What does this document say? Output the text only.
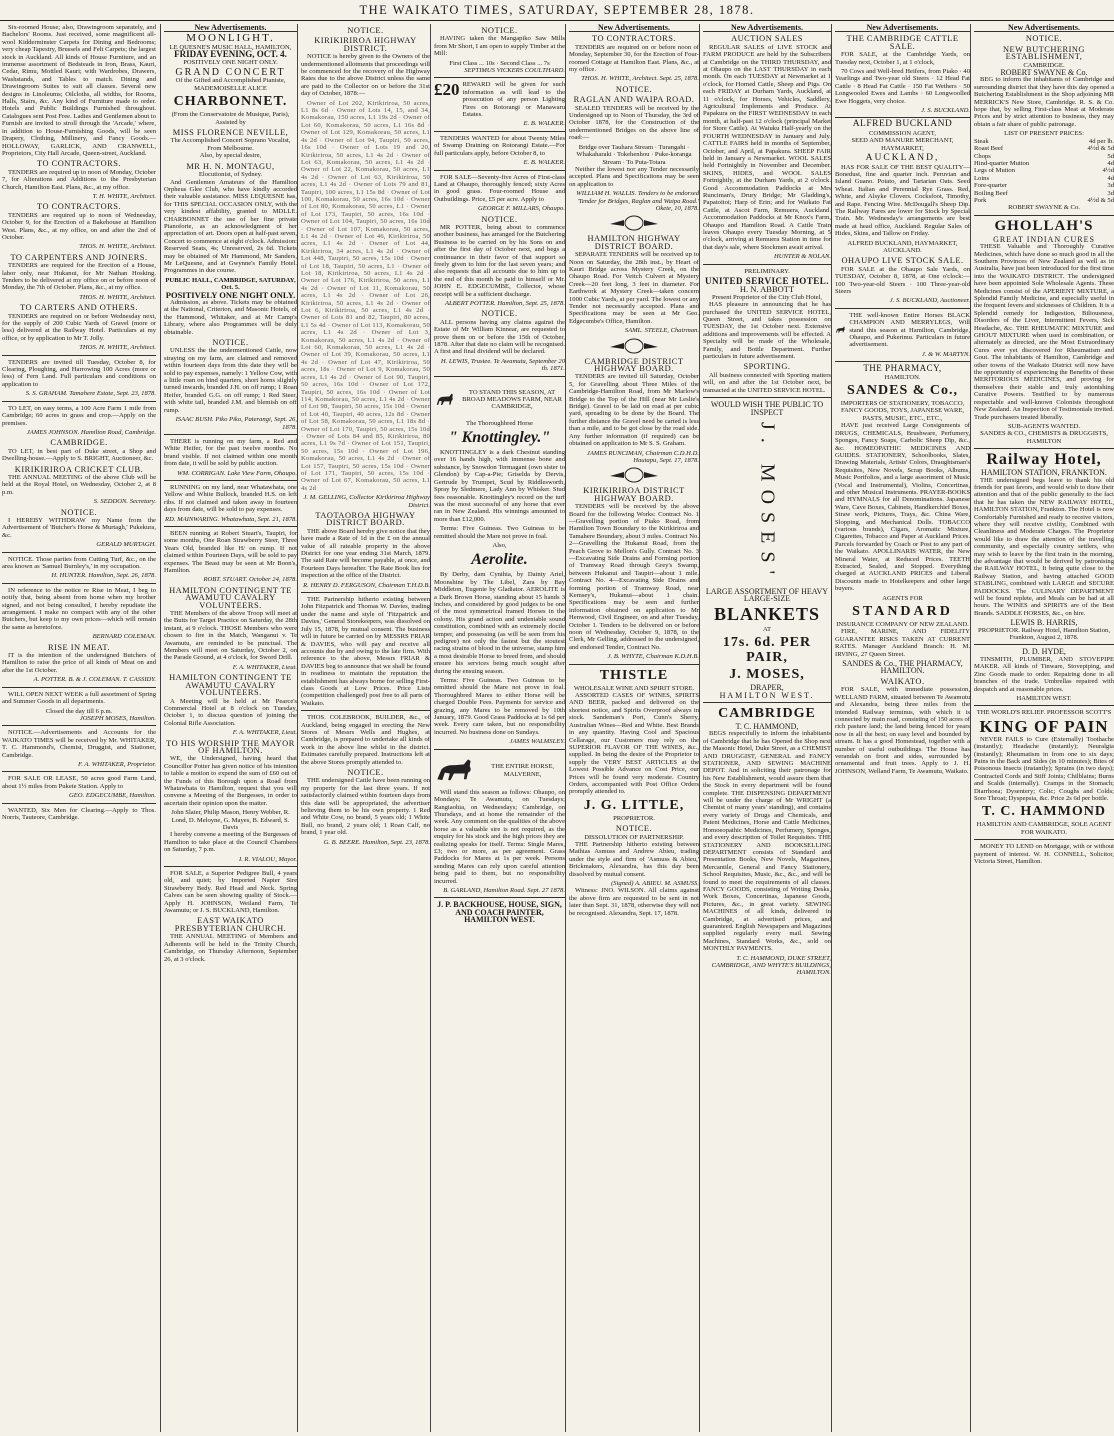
THE WAIKATO TIMES, SATURDAY, SEPTEMBER 28, 1878.

Six-roomed House; also, Drawingroom separately, and Bachelors' Rooms. Just received, some magnificent all-wool Kidderminster Carpets for Dining and Bedrooms; very cheap Tapestry, Brussels and Felt Carpets; the largest stock in Auckland. All kinds of House Furniture, and an immense assortment of Bedsteads in Iron, Brass, Kauri, Cedar, Rimu, Mottled Kauri; with Wardrobes, Drawers, Washstands, and Tables to match. Dining and Drawingroom Suites to suit all classes. Several new designs in Linoleums; Oilcloths, all widths, for Rooms, Halls, Stairs, &c. Any kind of Furniture made to order. Hotels and Public Buildings Furnished throughout. Catalogues sent Post Free. Ladies and Gentlemen about to Furnish are invited to stroll through the 'Arcade,' where, in addition to House-Furnishing Goods, will be seen Drapery, Clothing, Millinery, and Fancy Goods.—HOLLOWAY, GARLICK, AND CRANWELL, Proprietors, City Hall Arcade, Queen-street, Auckland.

TO CONTRACTORS.

TENDERS are required up to noon of Monday, October 7, for Alterations and Additions to the Presbyterian Church, Hamilton East. Plans, &c., at my office.

T. H. WHITE, Architect.
TO CONTRACTORS.

TENDERS are required up to noon of Wednesday, October 9, for the Erection of a Bakehouse at Hamilton West. Plans, &c., at my office, on and after the 2nd of October.

THOS. H. WHITE, Architect.
TO CARPENTERS AND JOINERS.

TENDERS are required for the Erection of a House, labor only, near Hukanui, for Mr Nathan Hosking. Tenders to be delivered at my office on or before noon of Monday, the 7th of October. Plans, &c., at my office.

THOS. H. WHITE, Architect.
TO CARTERS AND OTHERS.

TENDERS are required on or before Wednesday next, for the supply of 200 Cubic Yards of Gravel (more or less) delivered at the Railway Hotel. Particulars at my office, or by application to Mr T. Jolly.

THOS. H. WHITE, Architect.

TENDERS are invited till Tuesday, October 8, for Clearing, Ploughing, and Harrowing 100 Acres (more or less) of Fern Land. Full particulars and conditions on application to

S. S. GRAHAM. Tamahere Estate, Sept. 23, 1878.

TO LET, on easy terms, a 100 Acre Farm 1 mile from Cambridge; 60 acres in grass and crop.—Apply on the premises.

JAMES JOHNSON. Hamilton Road, Cambridge.
CAMBRIDGE.

TO LET, in best part of Duke street, a Shop and Dwelling-house.—Apply to S. BRIGHT, Auctioneer, &c.

KIRIKIRIROA CRICKET CLUB.

THE ANNUAL MEETING of the above Club will be held at the Royal Hotel, on Wednesday, October 2, at 8 p.m.

S. SEDDON. Secretary.
NOTICE.

I HEREBY WITHDRAW my Name from the Advertisement of 'Butcher's Horse & Murtagh,' Pukekura, &c.

GERALD MURTAGH.

NOTICE. Those parties from Cutting Turf, &c., on the area known as 'Samuel Burnley's,' in my occupation.

H. HUNTER. Hamilton, Sept. 26, 1878.

IN reference to the notice re Rise in Meat, I beg to notify that, being absent from home when my brother signed, and not being consulted, I hereby repudiate the arrangement. I make no compact with any of the other Butchers, but keep to my own prices—which will remain the same as heretofore.

BERNARD COLEMAN.
RISE IN MEAT.

IT is the intention of the undersigned Butchers of Hamilton to raise the price of all kinds of Meat on and after the 1st October.

A. POTTER. B. & J. COLEMAN. T. CASSIDY.

WILL OPEN NEXT WEEK a full assortment of Spring and Summer Goods in all departments.

Closed the day till 6 p.m.
JOSEPH MOSES, Hamilton.

NOTICE.—Advertisements and Accounts for the WAIKATO TIMES will be received by Mr. WHITAKER, T. C. Hammond's, Chemist, Druggist, and Stationer, Cambridge.

F. A. WHITAKER, Proprietor.

FOR SALE OR LEASE, 50 acres good Farm Land, about 1½ miles from Pukete Station. Apply to

GEO. EDGECUMBE, Hamilton.

WANTED, Six Men for Clearing.—Apply to Thos. Norris, Tauteore, Cambridge.

New Advertisements.
MOONLIGHT.
LE QUESNE'S MUSIC HALL, HAMILTON,
FRIDAY EVENING, OCT. 4.
POSITIVELY ONE NIGHT ONLY.
GRAND CONCERT
Of the Gifted and Accomplished Pianiste, MADEMOISELLE ALICE
CHARBONNET.
(From the Conservatoire de Musique, Paris), Assisted by
MISS FLORENCE NEVILLE,
The Accomplished Concert Soprano Vocalist, From Melbourne.
Also, by special desire,
MR H. N. MONTAGU,
Elocutionist, of Sydney.

And Gentlemen Amateurs of the Hamilton Orpheus Glee Club, who have kindly accorded their valuable assistance. MISS LEQUESNE has, for THIS SPECIAL OCCASION ONLY, with the very kindest affability, granted to MDLLE. CHARBONNET the use of her fine private Pianoforte, as an acknowledgment of her appreciation of art. Doors open at half-past seven, Concert to commence at eight o'clock. Admission: Reserved Seats, 4s; Unreserved, 2s 6d. Tickets may be obtained of Mr Hammond, Mr Sanders, Mr LeQuesne, and at Gwynne's Family Hotel. Programmes in due course.

PUBLIC HALL, CAMBRIDGE, SATURDAY, Oct. 5.
POSITIVELY ONE NIGHT ONLY.

Admission, as above. Tickets may be obtained at the National, Criterion, and Masonic Hotels, of the Hammond, Whitaker, and at Mr Camp's Library, where also Programmes will be duly obtainable.

NOTICE.

UNLESS the the undermentioned Cattle, now straying on my farm, are claimed and removed within fourteen days from this date they will be sold to pay expenses, namely: 1 Yellow Cow, with a little roan on hind quarters, short horns slightly turned inwards, branded J.H. on off rump; 1 Roan Heifer, branded G.G. on off rump; 1 Red Steer, with white tail, branded J.M. and blemish on off rump.

ISAAC BUSH. Piko Piko, Paterangi, Sept. 26, 1878.

THERE is running on my farm, a Red and White Heifer, for the past twelve months. No brand visible. If not claimed within one month from date, it will be sold by public auction.

WM. CORRIGAN. Lake View Farm, Ohaupo.

RUNNING on my land, near Whatawhata, one Yellow and White Bullock, branded H.S. on left ribs. If not claimed and taken away in fourteen days from date, will be sold to pay expenses.

RD. MAINWARING. Whatawhata, Sept. 21, 1878.

BEEN running at Robert Stuart's, Taupiri, for some months, One Roan Strawberry Steer, Three Years Old, branded like H/ on rump. If not claimed within Fourteen Days, will be sold to pay expenses. The Beast may be seen at Mr Boon's, Hamilton.

ROBT. STUART. October 24, 1878.
HAMILTON CONTINGENT TE AWAMUTU CAVALRY VOLUNTEERS.

THE Members of the above Troop will meet at the Butts for Target Practice on Saturday, the 28th instant, at 9 o'clock. THOSE Members who were chosen to fire in the Match, Wanganui v. Te Awamutu, are reminded to be punctual. The Members will meet on Saturday, October 2, on the Parade Ground, at 4 o'clock, for Sword Drill.

F. A. WHITAKER, Lieut.
HAMILTON CONTINGENT TE AWAMUTU CAVALRY VOLUNTEERS.

A Meeting will be held at Mr Pearce's Commercial Hotel at 8 o'clock on Tuesday, October 1, to discuss question of joining the Colonial Rifle Association.

F. A. WHITAKER, Lieut.
TO HIS WORSHIP THE MAYOR OF HAMILTON.

WE, the Undersigned, having heard that Councillor Potter has given notice of his intention to table a motion to expend the sum of £60 out of the Funds of this Borough upon a Road from Whatawhata to Hamilton, request that you will convene a Meeting of the Burgesses, in order to ascertain their opinion upon the matter.

John Slater, Philip Mason, Henry Webber, R. Lond, D. Meloyne, G. Mayes, B. Edward, S. Davis

I hereby convene a meeting of the Burgesses of Hamilton to take place at the Council Chambers on Saturday, 7 p.m.

I. R. VIALOU, Mayor.

FOR SALE, a Superior Pedigree Bull, 4 years old, and quiet; by Imported Napier Sire Strawberry Bedy. Red Head and Neck. Spring Calves can be seen showing quality of Stock.—Apply H. JOHNSON, Weiland Farm, Te Awamutu; or J. S. BUCKLAND, Hamilton.

EAST WAIKATO PRESBYTERIAN CHURCH.

THE ANNUAL MEETING of Members and Adherents will be held in the Trinity Church, Cambridge, on Thursday Afternoon, September 26, at 3 o'clock.

NOTICE.
KIRIKIRIROA HIGHWAY DISTRICT.

NOTICE is hereby given to the Owners of the undermentioned allotments that proceedings will be commenced for the recovery of the Highway Rates due to the above District unless the same are paid to the Collector on or before the 31st day of October, 1878:—

Owner of Lot 202, Kirikiriroa, 50 acres, L1 8s 6d · Owner of Lots 14, 15, and 34, Komakorau, 150 acres, L1 19s 2d · Owner of Lot 60, Komakorau, 50 acres, L1 16s 8d · Owner of Lot 129, Komakorau, 50 acres, L1 4s 2d · Owner of Lot 94, Taupiri, 50 acres, 16s 10d · Owner of Lots 19 and 20, Kirikiriroa, 50 acres, L1 4s 2d · Owner of Lot 63, Komakorau, 50 acres, L1 4s 2d · Owner of Lot 22, Komakorau, 50 acres, L1 4s 2d · Owner of Lot 63, Kirikiriroa, 50 acres, L1 4s 2d · Owner of Lots 79 and 81, Taupiri, 100 acres, L1 15s 8d · Owner of Lot 100, Komakorau, 50 acres, 16s 10d · Owner of Lot 80, Komakorau, 50 acres, L1 · Owner of Lot 173, Taupiri, 50 acres, 16s 10d · Owner of Lot 104, Taupiri, 50 acres, 16s 10d · Owner of Lot 107, Komakorau, 50 acres, L1 4s 2d · Owner of Lot 46, Kirikiriroa, 50 acres, L1 4s 2d · Owner of Lot 44, Kirikiriroa, 34 acres, L1 4s 2d · Owner of Lot 448, Taupiri, 50 acres, 15s 10d · Owner of Lot 18, Taupiri, 50 acres, L1 · Owner of Lot 18, Kirikiriroa, 50 acres, L1 4s 2d · Owner of Lot 176, Kirikiriroa, 50 acres, L1 4s 2d · Owner of Lot 11, Komakorau, 50 acres, L1 4s 2d · Owner of Lot 26, Kirikiriroa, 50 acres, L1 4s 2d · Owner of Lot 6, Kirikiriroa, 50 acres, L1 4s 2d · Owner of Lots 81 and 82, Taupiri, 80 acres, L1 5s 4d · Owner of Lot 113, Komakorau, 50 acres, L1 4s 2d · Owner of Lot 3, Komakorau, 50 acres, L1 4s 2d · Owner of Lot 60, Komakorau, 50 acres, L1 4s 2d · Owner of Lot 39, Komakorau, 50 acres, L1 4s 2d · Owner of Lot 47, Kirikiriroa, 50 acres, 18s · Owner of Lot 9, Komakorau, 50 acres, L1 4s 2d · Owner of Lot 90, Taupiri, 50 acres, 16s 10d · Owner of Lot 172, Taupiri, 50 acres, 16s 10d · Owner of Lot 114, Komakorau, 50 acres, L1 4s 2d · Owner of Lot 98, Taupiri, 50 acres, 15s 10d · Owner of Lot 40, Taupiri, 40 acres, 12s 8d · Owner of Lot 58, Komakorau, 50 acres, L1 18s 8d · Owner of Lot 170, Taupiri, 50 acres, 15s 10d · Owner of Lots 84 and 85, Kirikiriroa, 80 acres, L1 9s 7d · Owner of Lot 151, Taupiri, 50 acres, 15s 10d · Owner of Lot 196, Komakorau, 50 acres, L1 4s 2d · Owner of Lot 157, Taupiri, 50 acres, 15s 10d · Owner of Lot 171, Taupiri, 50 acres, 15s 10d · Owner of Lot 67, Komakorau, 50 acres, L1 4s 2d

J. M. GELLING, Collector Kirikiriroa Highway District.
TAOTAOROA HIGHWAY DISTRICT BOARD.

THE above Board hereby give notice that they have made a Rate of 1d in the £ on the annual value of all rateable property in the above District for one year ending 31st March, 1879. The said Rate will become payable, at once, and Fourteen Days hereafter. The Rate Book lies for inspection at the office of the District.

R. HENRY D. FERGUSON, Chairman T.H.D.B.

THE Partnership hitherto existing between John Fitzpatrick and Thomas W. Davies, trading under the name and style of 'Fitzpatrick and Davies,' General Storekeepers, was dissolved on July 15, 1878, by mutual consent. The business will in future be carried on by MESSRS FRIAR & DAVIES, who will pay and receive all accounts due by and owing to the late firm. With reference to the above, Messrs FRIAR & DAVIES beg to announce that we shall be found in readiness to maintain the reputation the establishment has always borne for selling First-class Goods at Low Prices. Price Lists (competition challenged) post free to all parts of Waikato.

THOS. COLEBROOK, BUILDER, &c., of Auckland, being engaged in erecting the New Stores of Messrs Wells and Hughes, at Cambridge, is prepared to undertake all kinds of work in the above line whilst in the district. Estimates carefully prepared. Instructions left at the above Stores promptly attended to.

NOTICE.

THE undersigned Cattle have been running on my property for the last three years. If not satisfactorily claimed within fourteen days from this date will be appropriated, the advertiser believing them to be his own property. 1 Red and White Cow, no brand, 5 years old; 1 White Bull, no brand, 2 years old; 1 Roan Calf, no brand, 1 year old.

G. B. BEERE. Hamilton, Sept. 23, 1878.
NOTICE.

HAVING taken the Mangapiko Saw Mills from Mr Short, I am open to supply Timber at the Mill:

First Class ... 10s · Second Class ... 7s
SEPTIMUS VICKERS COULTHARD.
£20 REWARD will be given for such information as will lead to the prosecution of any person Lighting Fires on Rotorangi or Manawaru Estates.
E. B. WALKER.

TENDERS WANTED for about Twenty Miles of Swamp Draining on Rotorangi Estate.—For full particulars apply, before October 8, to

E. B. WALKER.

FOR SALE—Seventy-five Acres of First-class Land at Ohaupo, thoroughly fenced; sixty Acres in good grass. Four-roomed House and Outbuildings. Price, £5 per acre. Apply to

GEORGE F. MILLARS, Ohaupo.
NOTICE.

MR POTTER, being about to commence another business, has arranged for the Butchering Business to be carried on by his Sons on and after the first day of October next, and begs a continuance in their favor of that support so freely given to him for the last seven years; and also requests that all accounts due to him up to the end of this month be paid to himself or Mr. JOHN E. EDGECUMBE, Collector, whose receipt will be a sufficient discharge.

ALBERT POTTER. Hamilton, Sept. 25, 1878.
NOTICE.

ALL persons having any claims against the Estate of Mr William Kinnear, are requested to prove them on or before the 15th of October, 1878. After that date no claim will be recognised. A first and final dividend will be declared.

H. LEWIS, Trustee. Te Awamutu, September 20 th. 1871.
TO STAND THIS SEASON, AT BROAD MEADOWS FARM, NEAR CAMBRIDGE,
The Thoroughbred Horse
" Knottingley."

KNOTTINGLEY is a dark Chestnut standing over 16 hands high, with immense bone and substance, by Snowdon Termagant (own sister to Glendon) by Cap-a-Pie; Griselda by Dervis, Gertrude by Trumpet, Scud by Riddlesworth, Spray by Sledmere, Lady Ann by Whisker. Stud fees reasonable. Knottingley's record on the turf was the most successful of any horse that ever ran in New Zealand. His winnings amounted to more than £12,000.

Terms: Five Guineas. Two Guineas to be remitted should the Mare not prove in foal.

Also,
Aerolite.

By Derby, dam Cynthia, by Dainty Ariel, Moonshine by The Libel, Zara by Bay Middleton, Eugenie by Gladiator. AEROLITE is a Dark Brown Horse, standing about 15 hands 3 inches, and considered by good judges to be one of the most symmetrical framed Horses in the colony. His grand action and undeniable sound constitution, combined with an extremely docile temper, and possessing (as will be seen from his pedigree) not only the fastest but the stoutest racing strains of blood in the universe, stamp him a most desirable Horse to breed from, and should ensure his services being much sought after during the ensuing season.

Terms: Five Guineas. Two Guineas to be remitted should the Mare not prove in foal. Thoroughbred Mares to either Horse will be charged Double Fees. Payments for service and grazing, any Mares to be removed by 10th January, 1879. Good Grass Paddocks at 1s 6d per week. Every care taken, but no responsibility incurred. No business done on Sundays.

JAMES WALMSLEY.
THE ENTIRE HORSE, MALVERNE,

Will stand this season as follows: Ohaupo, on Mondays; Te Awamutu, on Tuesdays; Rangiaohia, on Wednesdays; Cambridge, on Thursdays, and at home the remainder of the week. Any comment on the qualities of the above horse as a valuable sire is not required, as the enquiry for his stock and the high prices they are realizing speaks for itself. Terms: Single Mares, £3; two or more, as per agreement. Grass Paddocks for Mares at 1s per week. Persons sending Mares can rely upon careful attention being paid to them, but no responsibility incurred.

B. GARLAND, Hamilton Road. Sept. 27 1878.
J. P. BACKHOUSE, HOUSE, SIGN, AND COACH PAINTER, HAMILTON WEST.
New Advertisements.
TO CONTRACTORS.

TENDERS are required on or before noon of Monday, September 30, for the Erection of Four-roomed Cottage at Hamilton East. Plans, &c., at my office.

THOS. H. WHITE, Architect. Sept. 25, 1878.
NOTICE.
RAGLAN AND WAIPA ROAD.

SEALED TENDERS will be received by the Undersigned up to Noon of Thursday, the 3rd of October 1878, for the Construction of the undermentioned Bridges on the above line of road:—

Bridge over Tauhara Stream · Turangahi · Whakaharaki · Tokehenhou · Puke-koranga Stream · To Puta-Totara

Neither the lowest nor any Tender necessarily accepted. Plans and Specifications may be seen on application to

WILLIAM H. WALLIS. Tenders to be endorsed 'Tender for Bridges, Raglan and Waipa Road.' Okete, 10, 1878.
HAMILTON HIGHWAY DISTRICT BOARD.

SEPARATE TENDERS will be received up to Noon on Saturday, the 28th inst., by Heart of Kauri Bridge across Mystery Creek, on the Ohaupo Road. For Veitch Culvert at Mystery Creek—20 feet long, 3 feet in diameter. For Earthwork at Mystery Creek—taken concern 1000 Cubic Yards, at per yard. The lowest or any Tender not necessarily accepted. Plans and Specifications may be seen at Mr Geo. Edgecumbe's Office, Hamilton.

SAML. STEELE, Chairman.
CAMBRIDGE DISTRICT HIGHWAY BOARD.

TENDERS are invited till Saturday, October 5, for Gravelling about Three Miles of the Cambridge-Hamilton Road, from Mr Marlow's Bridge to the Top of the Hill (near Mr Leslie's Bridge). Gravel to be laid on road at per cubic yard, spreading to be done by the Board. The further distance the Gravel need be carted is less than a mile, and to be got close by the road side. Any further information (if required) can be obtained on application to Mr S. S. Graham.

JAMES RUNCIMAN, Chairman C.D.H.D. Hautapu, Sept. 17, 1878.
KIRIKIRIROA DISTRICT HIGHWAY BOARD.

TENDERS will be received by the above Board for the following Works: Contract No. 1—Gravelling portion of Piako Road, from Hamilton Town Boundary to the Kirikiriroa and Tamahere Boundary, about 3 miles. Contract No. 2—Gravelling the Hukanui Road, from the Peach Grove to Mellon's Gully. Contract No. 3—Excavating Side Drains and Forming portion of Tramway Road through Grey's Swamp, between Hukanui and Taupiri—about 1 mile. Contract No. 4—Excavating Side Drains and forming portion of Tramway Road, near Kemsey's, Hukanui—about 1 chain. Specifications may be seen and further information obtained on application to Mr Henwood, Civil Engineer, on and after Tuesday, October 1. Tenders to be delivered on or before noon of Wednesday, October 9, 1878, to the Clerk, Mr Gelling, addressed to the undersigned, and endorsed Tender, Contract No.

J. B. WHYTE, Chairman K.D.H.B.
THISTLE
WHOLESALE WINE AND SPIRIT STORE.

ASSORTED CASES OF WINES, SPIRITS AND BEER, packed and delivered on the shortest notice, and Spirits Overproof always in stock. Sandeman's Port, Cunn's Sherry, Australian Wines—Red and White. Best Brands in any quantity. Having Cool and Spacious Cellarage, our Customers may rely on the SUPERIOR FLAVOR OF THE WINES, &c., supplied. In being the desire of the Proprietor to supply the VERY BEST ARTICLES at the Lowest Possible Advance on Cost Price, our Prices will be found very moderate. Country Orders, accompanied with Post Office Orders promptly attended to.

J. G. LITTLE,
PROPRIETOR.
NOTICE.
DISSOLUTION OF PARTNERSHIP.

THE Partnership hitherto existing between Mathias Asmuss and Andrew Abieu, trading under the style and firm of 'Asmuss & Abieu,' Brickmakers, Alexandra, has this day been dissolved by mutual consent.

(Signed) A. ABIEU. M. ASMUSS.

Witness: JNO. WILSON. All claims against the above firm are requested to be sent in not later than Sept. 31, 1878, otherwise they will not be recognised. Alexandra, Sept. 17, 1878.

New Advertisements.
AUCTION SALES

REGULAR SALES of LIVE STOCK and FARM PRODUCE are held by the Subscribers at Cambridge on the THIRD THURSDAY, and at Ohaupo on the LAST THURSDAY in each month. On each TUESDAY at Newmarket at 1 o'clock, for Horned Cattle, Sheep and Pigs. On each FRIDAY at Durham Yards, Auckland, at 11 o'clock, for Horses, Vehicles, Saddlery, Agricultural Implements and Produce. At Papakura on the FIRST WEDNESDAY in each month, at half-past 12 o'clock (principal Market for Store Cattle). At Waiuku Half-yearly on the FOURTH WEDNESDAY in January and July. CATTLE FAIRS held in months of September, October, and April, at Papakura. SHEEP FAIR held in January a Newmarket. WOOL SALES held Fortnightly in November and December. SKINS, HIDES, and WOOL SALES Fortnightly, at the Durham Yards, at 2 o'clock. Good Accommodation Paddocks at Mrs Runciman's, Drury Bridge; Mr Gladding's, Papatoitoi; Harp of Erin; and for Waikato Fat Cattle, at Ascot Farm, Remuera, Auckland. Accommodation Paddocks at Mr Knox's Farm, Ohaupo and Hamilton Road. A Cattle Train leaves Ohaupo every Tuesday Morning, at 5 o'clock, arriving at Remuera Station in time for that day's sale, where Stockmen await arrival.

HUNTER & NOLAN.
PRELIMINARY.
UNITED SERVICE HOTEL.
H. N. ABBOTT
Present Proprietor of the City Club Hotel,

HAS pleasure in announcing that he has purchased the UNITED SERVICE HOTEL, Queen Street, and takes possession on TUESDAY, the 1st October next. Extensive additions and improvements will be effected. A Specialty will be made of the Wholesale, Family, and Bottle Department. Further particulars in future advertisement.

SPORTING.

All business connected with Sporting matters will, on and after the 1st October next, be transacted at the UNITED SERVICE HOTEL.

WOULD WISH THE PUBLIC TO INSPECT
J. MOSES'
LARGE ASSORTMENT OF HEAVY LARGE-SIZE
BLANKETS
AT
17s. 6d. PER PAIR,
J. MOSES,
DRAPER,
HAMILTON WEST.
CAMBRIDGE
T. C. HAMMOND,

BEGS respectfully to inform the inhabitants of Cambridge that he has Opened the Shop next the Masonic Hotel, Duke Street, as a CHEMIST AND DRUGGIST, GENERAL and FANCY STATIONER, AND SEWING MACHINE DEPOT. And in soliciting their patronage for his New Establishment, would assure them that the Stock in every department will be found complete. THE DISPENSING DEPARTMENT will be under the charge of Mr WRIGHT (a Chemist of many years' standing), and contains every variety of Drugs and Chemicals, and Patent Medicines, Horse and Cattle Medicines, Homoeopathic Medicines, Perfumery, Sponges, and every description of Toilet Requisites. THE STATIONERY AND BOOKSELLING DEPARTMENT consists of Standard and Presentation Books, New Novels, Magazines, Mercantile, General and Fancy Stationery, School Requisites, Music, &c., &c., and will be found to meet the requirements of all classes. FANCY GOODS, consisting of Writing Desks, Work Boxes, Concertinas, Japanese Goods, Pictures, &c., in great variety. SEWING MACHINES of all kinds, delivered in Cambridge, at advertised prices, and guaranteed. English Newspapers and Magazines supplied regularly every mail. Sewing Machines, Standard Works, &c., sold on MONTHLY PAYMENTS.

T. C. HAMMOND, DUKE STREET, CAMBRIDGE, AND WHYTE'S BUILDINGS, HAMILTON.
New Advertisements.
THE CAMBRIDGE CATTLE SALE.

FOR SALE, at the Cambridge Yards, on Tuesday next, October 1, at 1 o'clock,

70 Cows and Well-bred Heifers, from Piako · 40 Yearlings and Two-year old Steers · 12 Head Fat Cattle · 8 Head Fat Cattle · 150 Fat Wethers · 50 Longwooled Ewes and Lambs · 60 Longwoolled Ewe Hoggets, very choice.

J. S. BUCKLAND.
ALFRED BUCKLAND
COMMISSION AGENT,
SEED AND MANURE MERCHANT, HAYMARKET,
AUCKLAND,

HAS FOR SALE OF THE BEST QUALITY— Bonedust, fine and quarter inch. Peruvian and Island Guano. Potato, and Tartarian Oats. Seed Wheat. Italian and Perennial Rye Grass. Red, White, and Alsyke Clovers. Cocksfoot, Timothy, and Rape. Fencing Wire. McDougall's Sheep Dip. The Railway Fares are lower for Stock by Special Train. Mr. Wednesday's arrangements are best made at head office, Auckland. Regular Sales of Hides, Skins, and Tallow on Friday.

ALFRED BUCKLAND, HAYMARKET, AUCKLAND.
OHAUPO LIVE STOCK SALE.

FOR SALE at the Ohaupo Sale Yards, on TUESDAY, October 8, 1878, at One o'clock:— 100 Two-year-old Steers · 100 Three-year-old Steers

J. S. BUCKLAND, Auctioneer.

THE well-known Entire Horses BLACK CHAMPION AND MERRYLEGS, Will stand this season at Hamilton, Cambridge, Ohaupo, and Pukerimu. Particulars in future advertisement.

J. & W. MARTYN.
THE PHARMACY,
HAMILTON.
SANDES & Co.,
IMPORTERS OF STATIONERY, TOBACCO, FANCY GOODS, TOYS, JAPANESE WARE, PASTS, MUSIC, ETC., ETC.,

HAVE just received Large Consignments of DRUGS, CHEMICALS, Brushware, Perfumery, Sponges, Fancy Soaps, Carbolic Sheep Dip, &c., &c. HOMEOPATHIC MEDICINES AND GUIDES. STATIONERY, Schoolbooks, Slates, Drawing Materials, Artists' Colors, Draughtsman's Requisites, New Novels, Scrap Books, Albums, Music Portfolios, and a large assortment of Music (Vocal and Instrumental), Violins, Concertinas, and other Musical Instruments. PRAYER-BOOKS and HYMNALS for all Denominations. Japanese Ware, Cave Boxes, Cabinets, Handkerchief Boxes, Straw work, Pictures, Trays, &c. China Ware, Slopping, and Mechanical Dolls. TOBACCO (various brands), Cigars, Aromatic Mixture, Cigarettes, Tobacco and Paper at Auckland Prices. Parcels forwarded by Coach or Post to any part of the Waikato. APOLLINARIS WATER, the New Mineral Water, at Reduced Prices. TEETH Extracted, Sealed, and Stopped. Everything charged at AUCKLAND PRICES and Liberal Discounts made to Hotelkeepers and other large buyers.

AGENTS FOR
STANDARD
INSURANCE COMPANY OF NEW ZEALAND.

FIRE, MARINE, AND FIDELITY GUARANTEE RISKS TAKEN AT CURRENT RATES. Manager Auckland Branch: H. M. IRVING, 27 Queen Street.

SANDES & Co., THE PHARMACY, HAMILTON.
WAIKATO.

FOR SALE, with immediate possession, WELLAND FARM, situated between Te Awamutu and Alexandra, being three miles from the intended Railway terminus, with which it is connected by main road, consisting of 150 acres of rich pasture land; the land being fenced for years now in all the best; on easy level and bounded by stream. It has a good Homestead, together with a number of useful outbuildings. The House has verandah on front and sides, surrounded by ornamental and fruit trees. Apply to J. H. JOHNSON, Welland Farm, Te Awamutu, Waikato.

New Advertisements.
NOTICE.
NEW BUTCHERING ESTABLISHMENT,
CAMBRIDGE.
ROBERT SWAYNE & Co.

BEG to inform the inhabitants of Cambridge and surrounding district that they have this day opened a Butchering Establishment in the Shop adjoining MR MERRICK'S New Store, Cambridge. R. S. & Co. hope that, by selling First-class Meat at Moderate Prices and by strict attention to business, they may obtain a fair share of public patronage.

LIST OF PRESENT PRICES:
Steak	4d per lb.
Roast Beef	4½d & 5d
Chops	5d
Hind-quarter Mutton	4d
Legs of Mutton	4½d
Loins	4d
Fore-quarter	3d
Boiling Beef	3d
Pork	4½d & 5d
ROBERT SWAYNE & Co.
GHOLLAH'S
GREAT INDIAN CURES

THESE Valuable and Thoroughly Curative Medicines, which have done so much good in all the Southern Provinces of New Zealand as well as in Australia, have just been introduced for the first time into the WAIKATO DISTRICT. The undersigned have been appointed Sole Wholesale Agents. These Medicines consist of the APERIENT MIXTURE, a Splendid Family Medicine, and especially useful in the frequent fevers and sicknesses of Children. It is a Splendid remedy for Indigestion, Biliousness, Disorders of the Liver, Intermittent Fevers, Sick Headache, &c. THE RHEUMATIC MIXTURE and GHOUT MIXTURE when used in combination, or alternately as directed, are the Most Extraordinary Cures ever yet discovered for Rheumatism and Gout. The inhabitants of Hamilton, Cambridge and other towns of the Waikato District will now have the opportunity of experiencing the Benefits of these MERITORIOUS MEDICINES, and proving for themselves their stable and truly astonishing Curative Powers. Testified to by numerous respectable and well-known Colonists throughout New Zealand. An Inspection of Testimonials invited. Trade purchasers treated liberally.

SUB-AGENTS WANTED.
SANDES & CO., CHEMISTS & DRUGGISTS, HAMILTON
Railway Hotel,
HAMILTON STATION, FRANKTON.

THE undersigned begs leave to thank his old friends for past favors, and would wish to draw their attention and that of the public generally to the fact that he has taken the NEW RAILWAY HOTEL, HAMILTON STATION, Frankton. The Hotel is now Comfortably Furnished and ready to receive visitors, where they will receive civility, Combined with Cleanliness and Moderate Charges. The Proprietor would like to draw the attention of the travelling community, and especially country settlers, who may wish to leave by the first train in the morning, the advantage that would be derived by patronising the RAILWAY HOTEL, It being quite close to the Railway Station, and having attached GOOD STABLING, combined with LARGE and SECURE PADDOCKS. The CULINARY DEPARTMENT will be found replete, and Meals can be had at all hours. The WINES and SPIRITS are of the Best Brands. SADDLE HORSES, &c., on hire.

LEWIS B. HARRIS,
PROPRIETOR. Railway Hotel, Hamilton Station, Frankton, August 2, 1878.
D. D. HYDE,

TINSMITH, PLUMBER, AND STOVEPIPE MAKER. All kinds of Tinware, Stovepiping, and Zinc Goods made to order. Repairing done in all branches of the trade. Umbrellas repaired with despatch and at reasonable prices.

HAMILTON WEST.
THE WORLD'S RELIEF. PROFESSOR SCOTT'S
KING OF PAIN

NEVER FAILS to Cure (Externally) Toothache (instantly); Headache (instantly); Neuralgia (instantly); Rheumatism in from one to six days; Pains in the Back and Sides (in 10 minutes); Bites of Poisonous Insects (instantly); Sprains (in two days); Contracted Cords and Stiff Joints; Chilblains; Burns and Scalds (internally). Cramps in the Stomach; Diarrhoea; Dysentery; Colic; Coughs and Colds; Sore Throat; Dyspepsia, &c. Price 2s 6d per bottle.

T. C. HAMMOND
HAMILTON AND CAMBRIDGE, SOLE AGENT FOR WAIKATO.

MONEY TO LEND on Mortgage, with or without payment of interest. W. H. CONNELL, Solicitor, Victoria Street, Hamilton.
